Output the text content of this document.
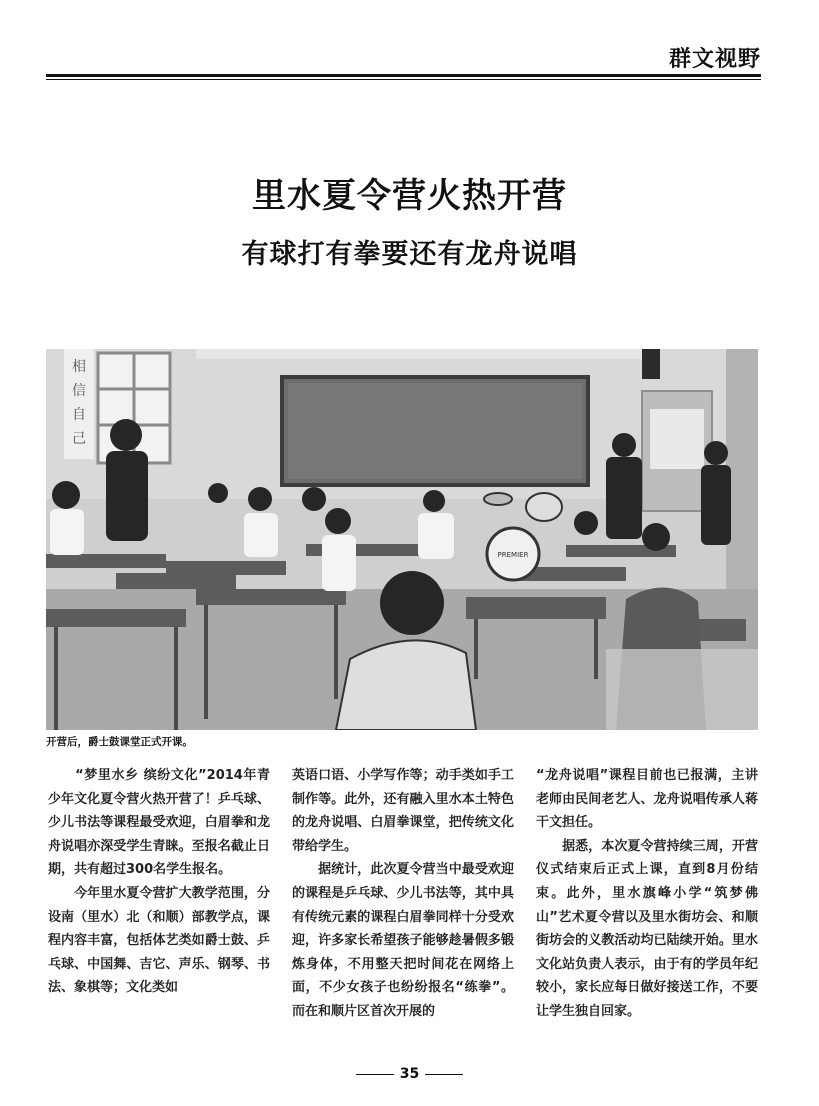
群文视野
里水夏令营火热开营
有球打有拳要还有龙舟说唱
相
信
自
己
PREMIER
开营后，爵士鼓课堂正式开课。

　　“梦里水乡 缤纷文化”2014年青少年文化夏令营火热开营了！乒乓球、少儿书法等课程最受欢迎，白眉拳和龙舟说唱亦深受学生青睐。至报名截止日期，共有超过300名学生报名。

　　今年里水夏令营扩大教学范围，分设南（里水）北（和顺）部教学点，课程内容丰富，包括体艺类如爵士鼓、乒乓球、中国舞、吉它、声乐、钢琴、书法、象棋等；文化类如

英语口语、小学写作等；动手类如手工制作等。此外，还有融入里水本土特色的龙舟说唱、白眉拳课堂，把传统文化带给学生。

　　据统计，此次夏令营当中最受欢迎的课程是乒乓球、少儿书法等，其中具有传统元素的课程白眉拳同样十分受欢迎，许多家长希望孩子能够趁暑假多锻炼身体，不用整天把时间花在网络上面，不少女孩子也纷纷报名“练拳”。而在和顺片区首次开展的

“龙舟说唱”课程目前也已报满，主讲老师由民间老艺人、龙舟说唱传承人蒋干文担任。

　　据悉，本次夏令营持续三周，开营仪式结束后正式上课，直到8月份结束。此外，里水旗峰小学“筑梦佛山”艺术夏令营以及里水街坊会、和顺街坊会的义教活动均已陆续开始。里水文化站负责人表示，由于有的学员年纪较小，家长应每日做好接送工作，不要让学生独自回家。

35
